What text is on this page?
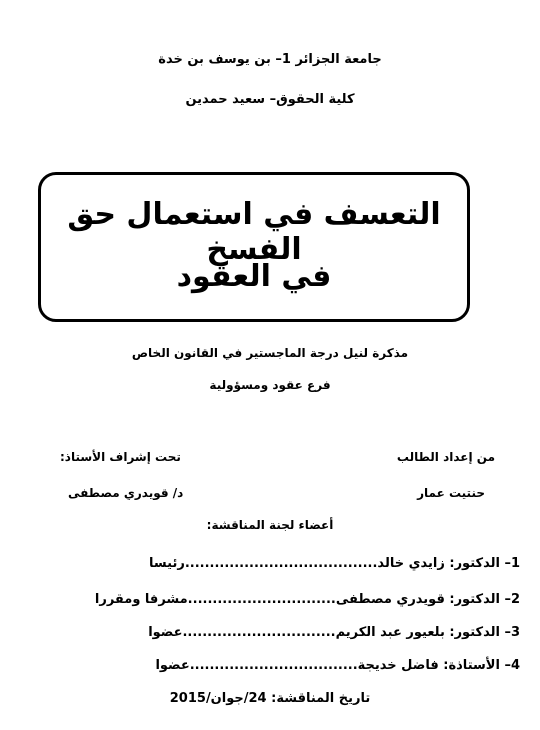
جامعة الجزائر 1– بن يوسف بن خدة
كلية الحقوق– سعيد حمدين
التعسف في استعمال حق الفسخ
في العقود
مذكرة لنيل درجة الماجستير في القانون الخاص
فرع عقود ومسؤولية
من إعداد الطالب
تحت إشراف الأستاذ:
حنتيت عمار
د/ قويدري مصطفى
أعضاء لجنة المناقشة:
1– الدكتور: زايدي خالد.......................................رئيسا
2– الدكتور: قويدري مصطفى..............................مشرفا ومقررا
3– الدكتور: بلعيور عبد الكريم...............................عضوا
4– الأستاذة: فاضل خديجة..................................عضوا
تاريخ المناقشة: 24/جوان/2015
